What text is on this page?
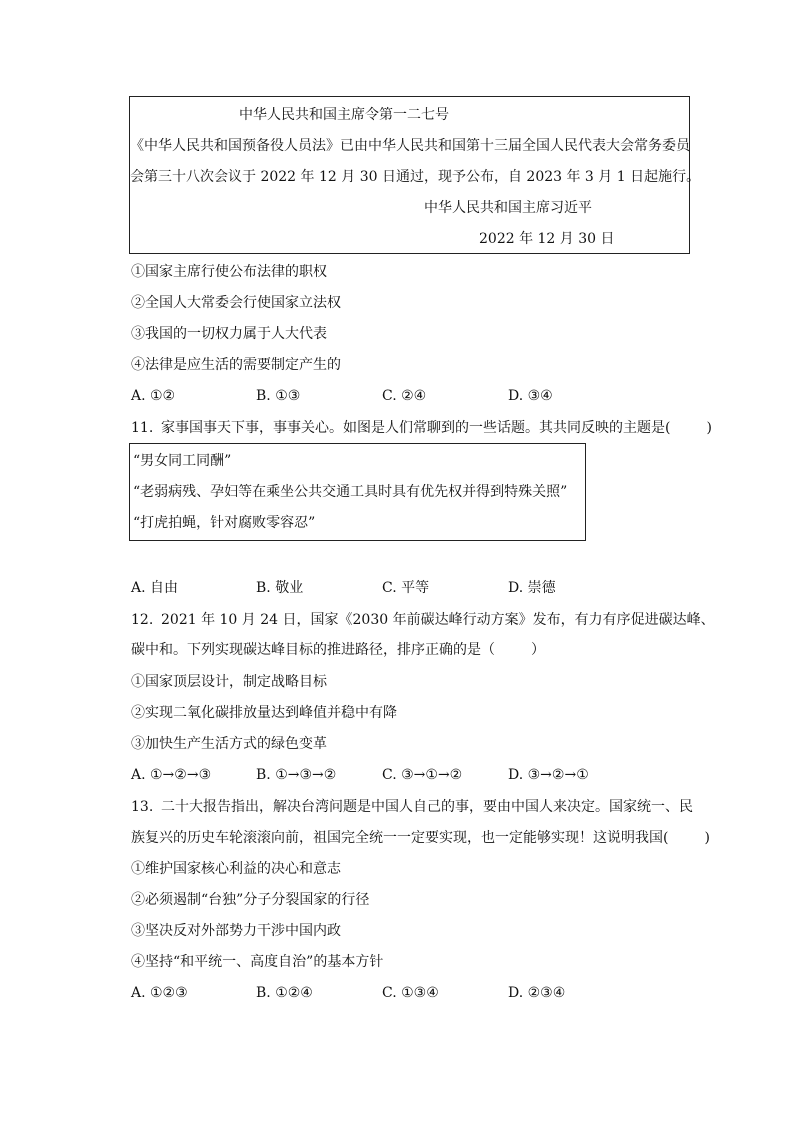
中华人民共和国主席令第一二七号
《中华人民共和国预备役人员法》已由中华人民共和国第十三届全国人民代表大会常务委员
会第三十八次会议于 2022 年 12 月 30 日通过，现予公布，自 2023 年 3 月 1 日起施行。
中华人民共和国主席习近平
2022 年 12 月 30 日
①国家主席行使公布法律的职权
②全国人大常委会行使国家立法权
③我国的一切权力属于人大代表
④法律是应生活的需要制定产生的
A. ①②	B. ①③	C. ②④	D. ③④
11. 家事国事天下事，事事关心。如图是人们常聊到的一些话题。其共同反映的主题是(	)
“男女同工同酬”
“老弱病残、孕妇等在乘坐公共交通工具时具有优先权并得到特殊关照”
“打虎拍蝇，针对腐败零容忍”
A. 自由	B. 敬业	C. 平等	D. 崇德
12. 2021 年 10 月 24 日，国家《2030 年前碳达峰行动方案》发布，有力有序促进碳达峰、
碳中和。下列实现碳达峰目标的推进路径，排序正确的是（	）
①国家顶层设计，制定战略目标
②实现二氧化碳排放量达到峰值并稳中有降
③加快生产生活方式的绿色变革
A. ①→②→③	B. ①→③→②	C. ③→①→②	D. ③→②→①
13. 二十大报告指出，解决台湾问题是中国人自己的事，要由中国人来决定。国家统一、民
族复兴的历史车轮滚滚向前，祖国完全统一一定要实现，也一定能够实现！这说明我国(	)
①维护国家核心利益的决心和意志
②必须遏制“台独”分子分裂国家的行径
③坚决反对外部势力干涉中国内政
④坚持“和平统一、高度自治”的基本方针
A. ①②③	B. ①②④	C. ①③④	D. ②③④
